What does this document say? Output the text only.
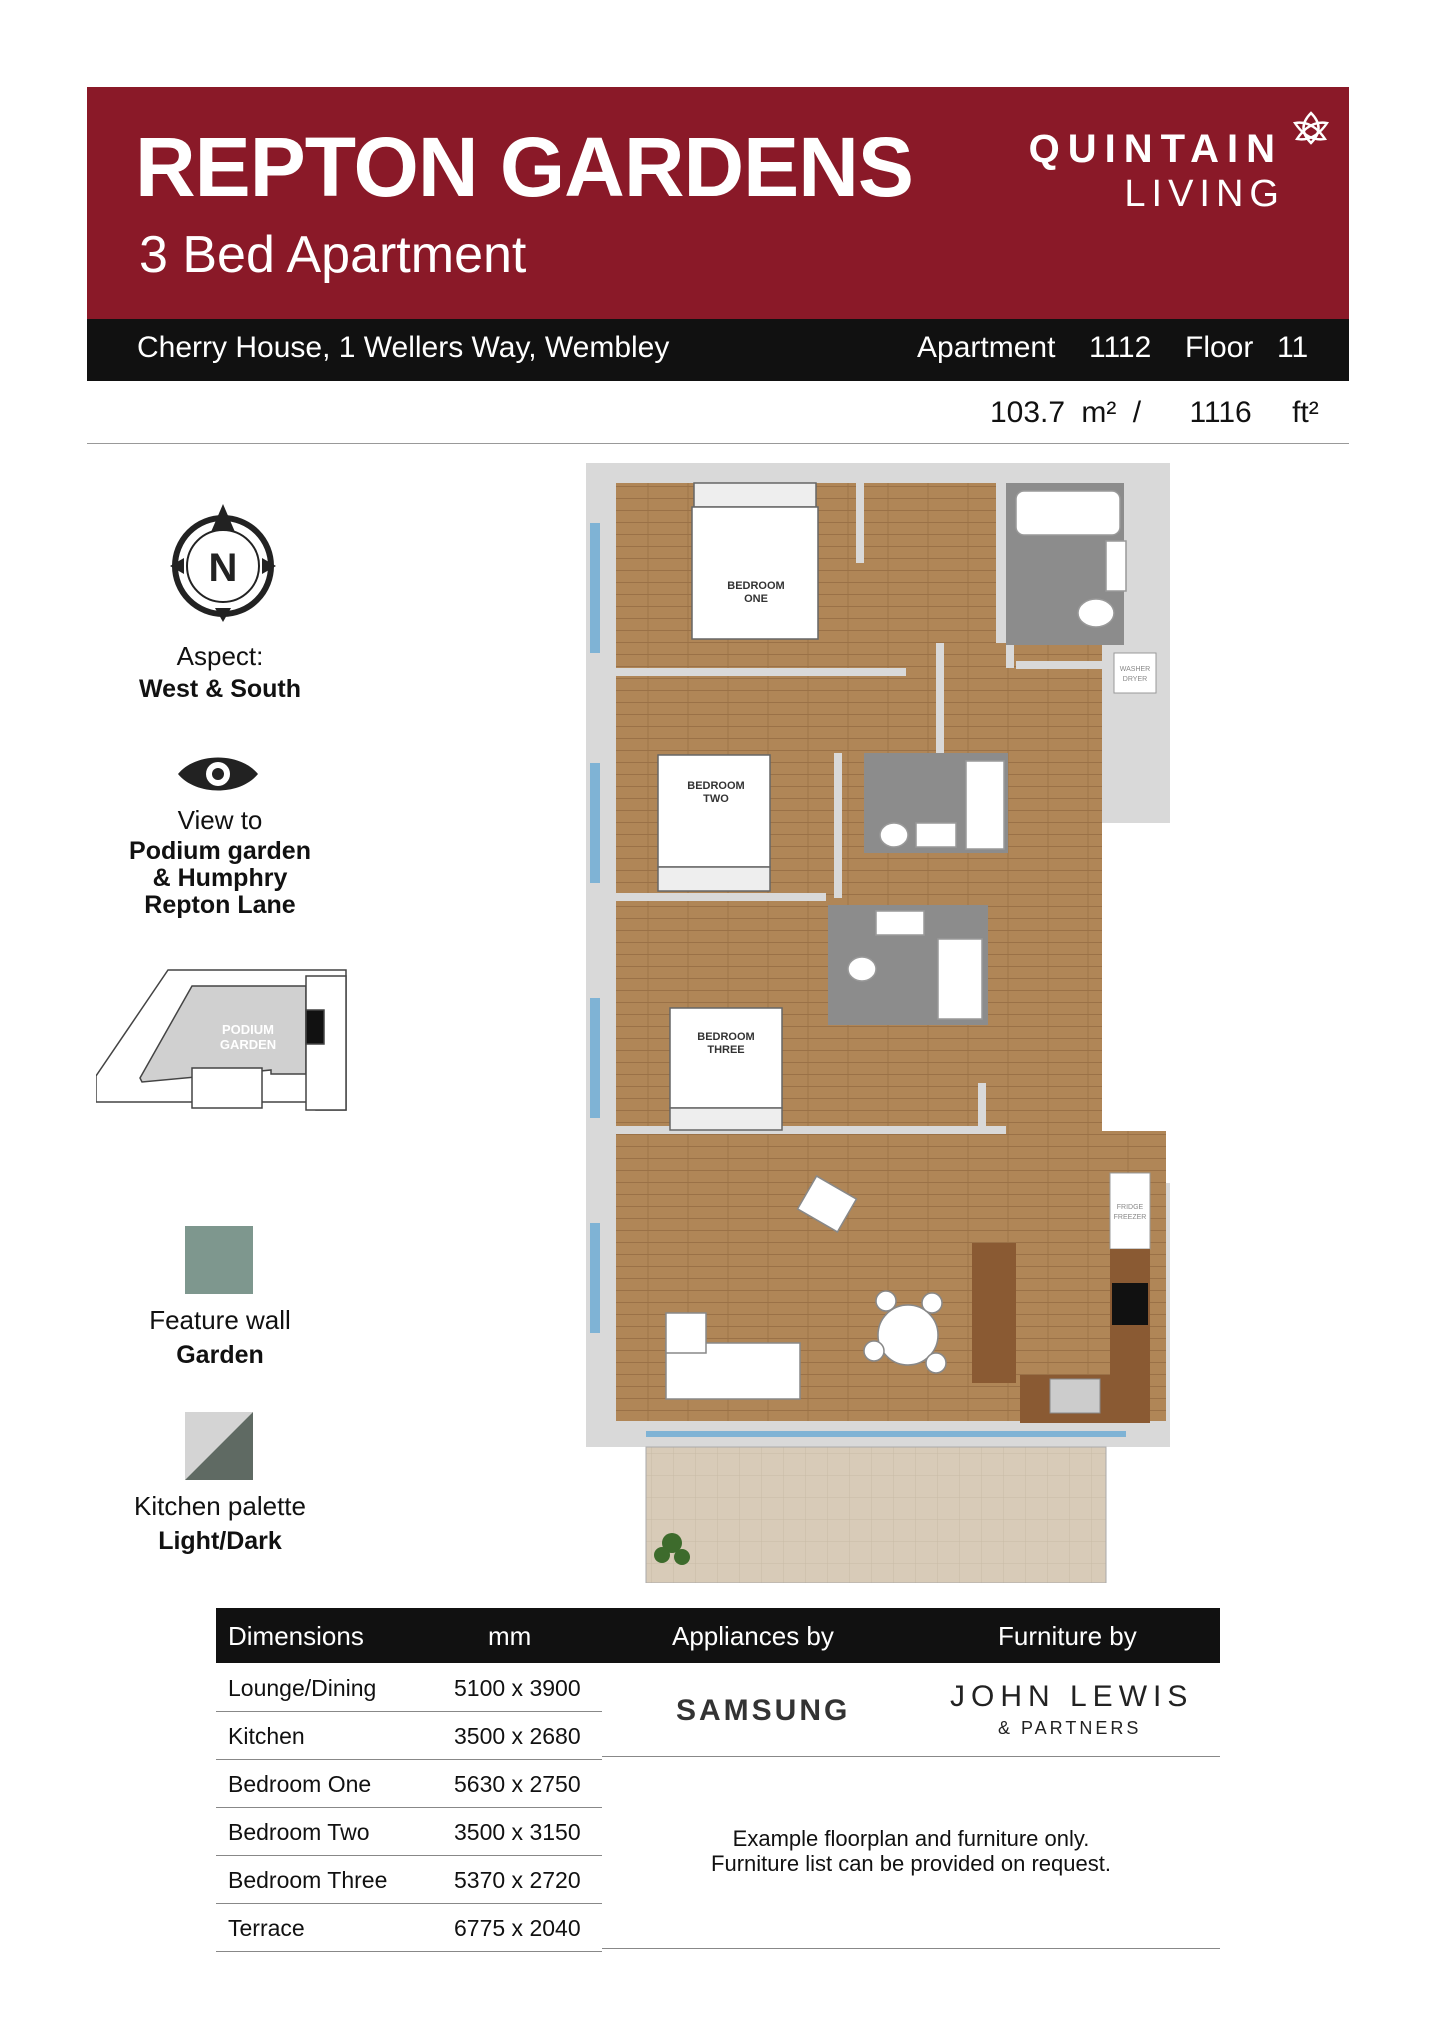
REPTON GARDENS
3 Bed Apartment
QUINTAIN
LIVING
Cherry House, 1 Wellers Way, Wembley	Apartment 1112 Floor 11
103.7 m² / 1116 ft²
N
Aspect:
West & South
View to
Podium garden
& Humphry
Repton Lane
PODIUM
GARDEN
Feature wall
Garden
Kitchen palette
Light/Dark
BEDROOM
ONE
BEDROOM
TWO
BEDROOM
THREE
WASHER
DRYER
FRIDGE
FREEZER
Dimensions	mm	Appliances by	Furniture by
Lounge/Dining	5100 x 3900
Kitchen	3500 x 2680
Bedroom One	5630 x 2750
Bedroom Two	3500 x 3150
Bedroom Three	5370 x 2720
Terrace	6775 x 2040
SAMSUNG	JOHN LEWIS
& PARTNERS
Example floorplan and furniture only.
Furniture list can be provided on request.
